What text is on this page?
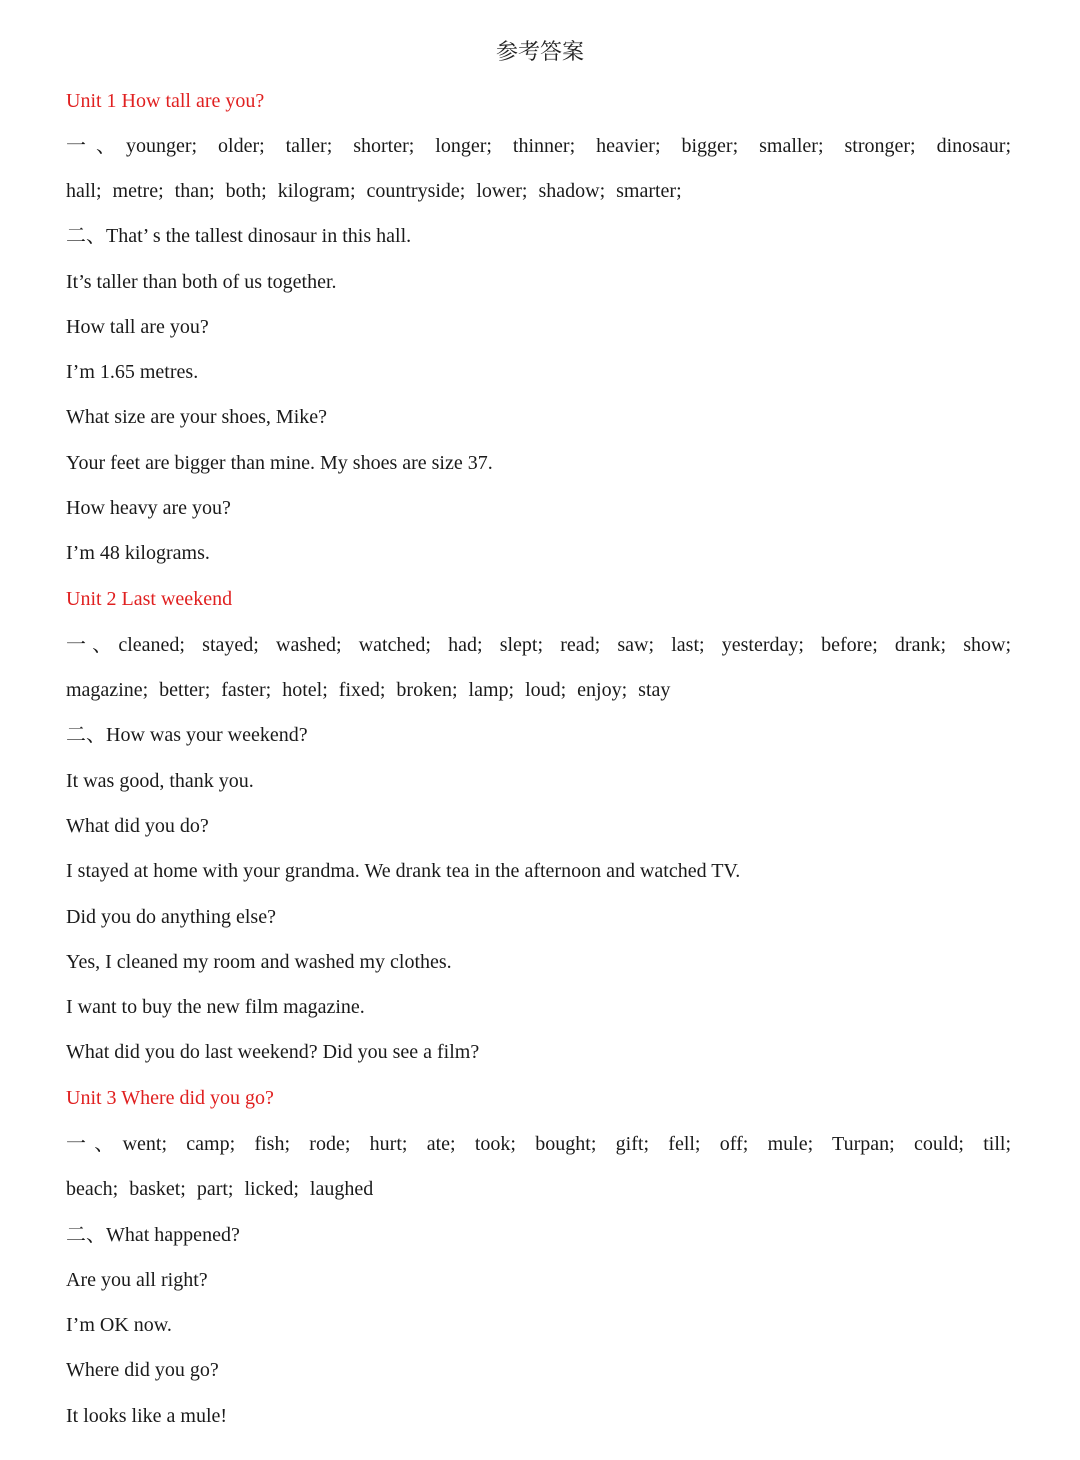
参考答案
Unit 1 How tall are you?
一、younger; older; taller; shorter; longer; thinner; heavier; bigger; smaller; stronger; dinosaur;
hall; metre; than; both; kilogram; countryside; lower; shadow; smarter;
二、That’ s the tallest dinosaur in this hall.
It’s taller than both of us together.
How tall are you?
I’m 1.65 metres.
What size are your shoes, Mike?
Your feet are bigger than mine. My shoes are size 37.
How heavy are you?
I’m 48 kilograms.
Unit 2 Last weekend
一、cleaned; stayed; washed; watched; had; slept; read; saw; last; yesterday; before; drank; show;
magazine; better; faster; hotel; fixed; broken; lamp; loud; enjoy; stay
二、How was your weekend?
It was good, thank you.
What did you do?
I stayed at home with your grandma. We drank tea in the afternoon and watched TV.
Did you do anything else?
Yes, I cleaned my room and washed my clothes.
I want to buy the new film magazine.
What did you do last weekend? Did you see a film?
Unit 3 Where did you go?
一、went; camp; fish; rode; hurt; ate; took; bought; gift; fell; off; mule; Turpan; could; till;
beach; basket; part; licked; laughed
二、What happened?
Are you all right?
I’m OK now.
Where did you go?
It looks like a mule!
